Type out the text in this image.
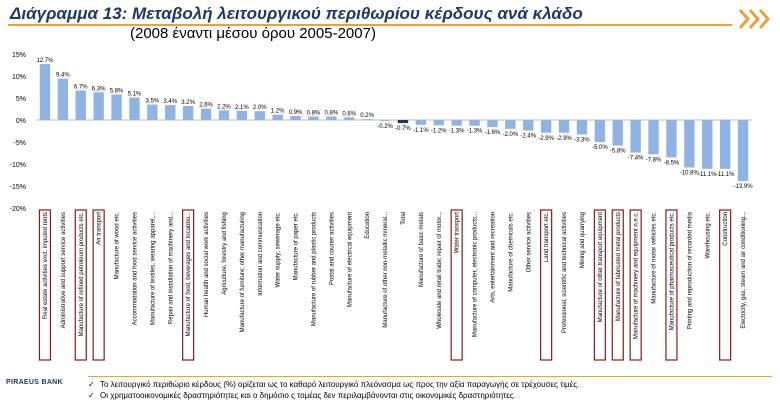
Διάγραμμα 13: Μεταβολή λειτουργικού περιθωρίου κέρδους ανά κλάδο
(2008 έναντι μέσου όρου 2005-2007)
15%
10%
5%
0%
-5%
-10%
-15%
-20%
12.7%
9.4%
6.7% 6.3% 5.8%
5.1%
3.5% 3.4% 3.2% 2.6% 2.2% 2.1% 2.0%
1.2% 0.9% 0.8% 0.8% 0.6% 0.2%
-0.2% -0.7% -1.1% -1.2% -1.3% -1.3% -1.6% -2.0% -2.4% -2.9% -2.9% -3.3%
-5.0%
-5.8%
-7.4% -7.8%
-8.5%
-10.8% -11.1% -11.1%
-13.9%
Real estate activities excl. imputed rents Administrative and support service activities Manufacture of refined petroleum products etc. Air transport Manufacture of wood etc. Accommodation and food service activities Manufacture of textiles, wearing apparel,... Repair and installation of machinery and... Manufacture of food, beverages and tocabbo... Human health and social work activities Agriculture, forestry and fishing Manufacture of furniture; other manufacturing Information and communication Water supply; sewerage etc. Manufacture of paper etc. Manufacture of rubber and plastic products Postal and courier activities Manufacture of electrical equipment Education Manufacture of other non-metallic mineral... Total Manufacture of basic metals Wholesale and retail trade; repair of motor... Water transport Manufacture of computer, electronic products... Arts, entertainment and recreation Manufacture of chemicals etc. Other service activities Land transport etc. Professional, scientific and technical activities Mining and quarrying Manufacture of other transport equipment Manufacture of fabricated metal products Manufacture of machinery and equipment n.e.c. Manufacture of motor vehicles etc. Manufacture of pharmaceutical products etc. Printing and reproduction of recorded media Warehousing etc. Construction Electricity, gas, steam and air conditioning...
PIRAEUS BANK	✓ Το λειτουργικό περιθώριο κέρδους (%) ορίζεται ως το καθαρό λειτουργικό πλεόνασμα ως προς την αξία παραγωγής σε τρέχουσες τιμές.
✓ Οι χρηματοοικονομικές δραστηριότητες και ο δημόσιο ς τομέας δεν περιλαμβάνονται στις οικονομικές δραστηριότητες.
